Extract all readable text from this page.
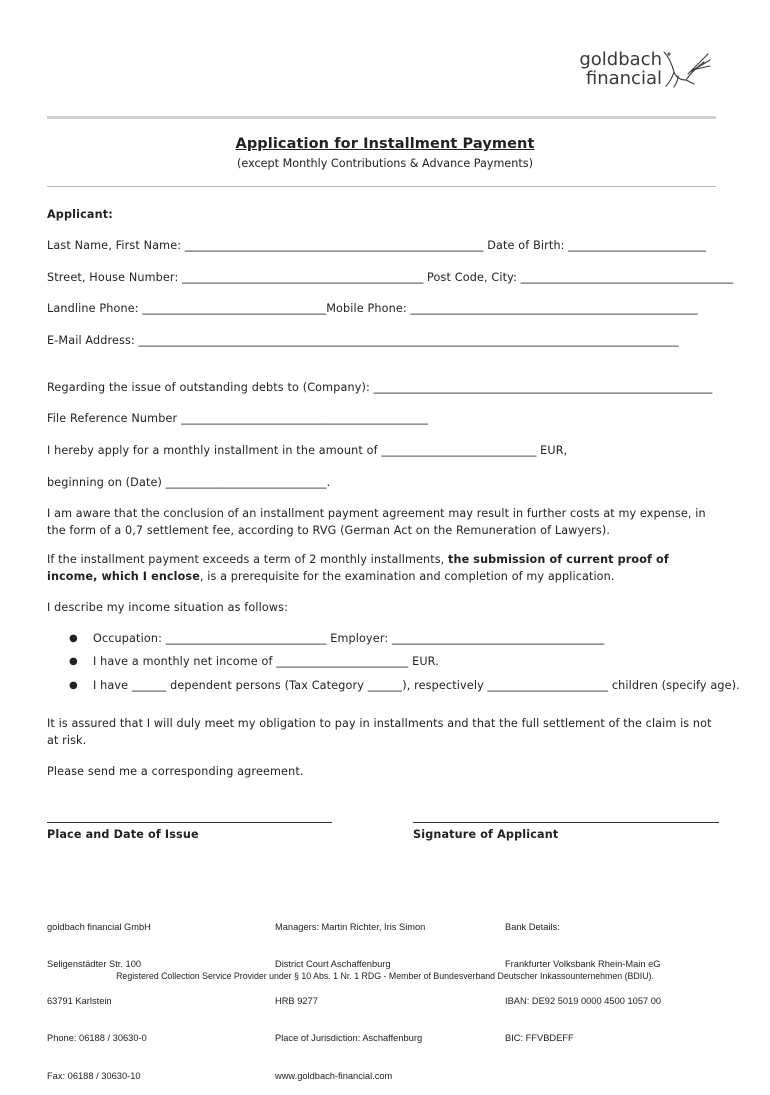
goldbach
financial
Application for Installment Payment
(except Monthly Contributions & Advance Payments)
Applicant:
Last Name, First Name: ____________________________________________________ Date of Birth: ________________________
Street, House Number: __________________________________________ Post Code, City: _____________________________________
Landline Phone: ________________________________Mobile Phone: __________________________________________________
E-Mail Address: ______________________________________________________________________________________________
Regarding the issue of outstanding debts to (Company): ___________________________________________________________
File Reference Number ___________________________________________
I hereby apply for a monthly installment in the amount of ___________________________ EUR,
beginning on (Date) ____________________________.
I am aware that the conclusion of an installment payment agreement may result in further costs at my expense, in the form of a 0,7 settlement fee, according to RVG (German Act on the Remuneration of Lawyers).
If the installment payment exceeds a term of 2 monthly installments, the submission of current proof of income, which I enclose, is a prerequisite for the examination and completion of my application.
I describe my income situation as follows:
● Occupation: ____________________________ Employer: _____________________________________
● I have a monthly net income of _______________________ EUR.
● I have ______ dependent persons (Tax Category ______), respectively _____________________ children (specify age).
It is assured that I will duly meet my obligation to pay in installments and that the full settlement of the claim is not at risk.
Please send me a corresponding agreement.
Place and Date of Issue	Signature of Applicant

goldbach financial GmbH

Seligenstädter Str. 100

63791 Karlstein

Phone: 06188 / 30630-0

Fax: 06188 / 30630-10

Managers: Martin Richter, Iris Simon

District Court Aschaffenburg

HRB 9277

Place of Jurisdiction: Aschaffenburg

www.goldbach-financial.com

Bank Details:

Frankfurter Volksbank Rhein-Main eG

IBAN: DE92 5019 0000 4500 1057 00

BIC: FFVBDEFF

Registered Collection Service Provider under § 10 Abs. 1 Nr. 1 RDG - Member of Bundesverband Deutscher Inkassounternehmen (BDIU).
